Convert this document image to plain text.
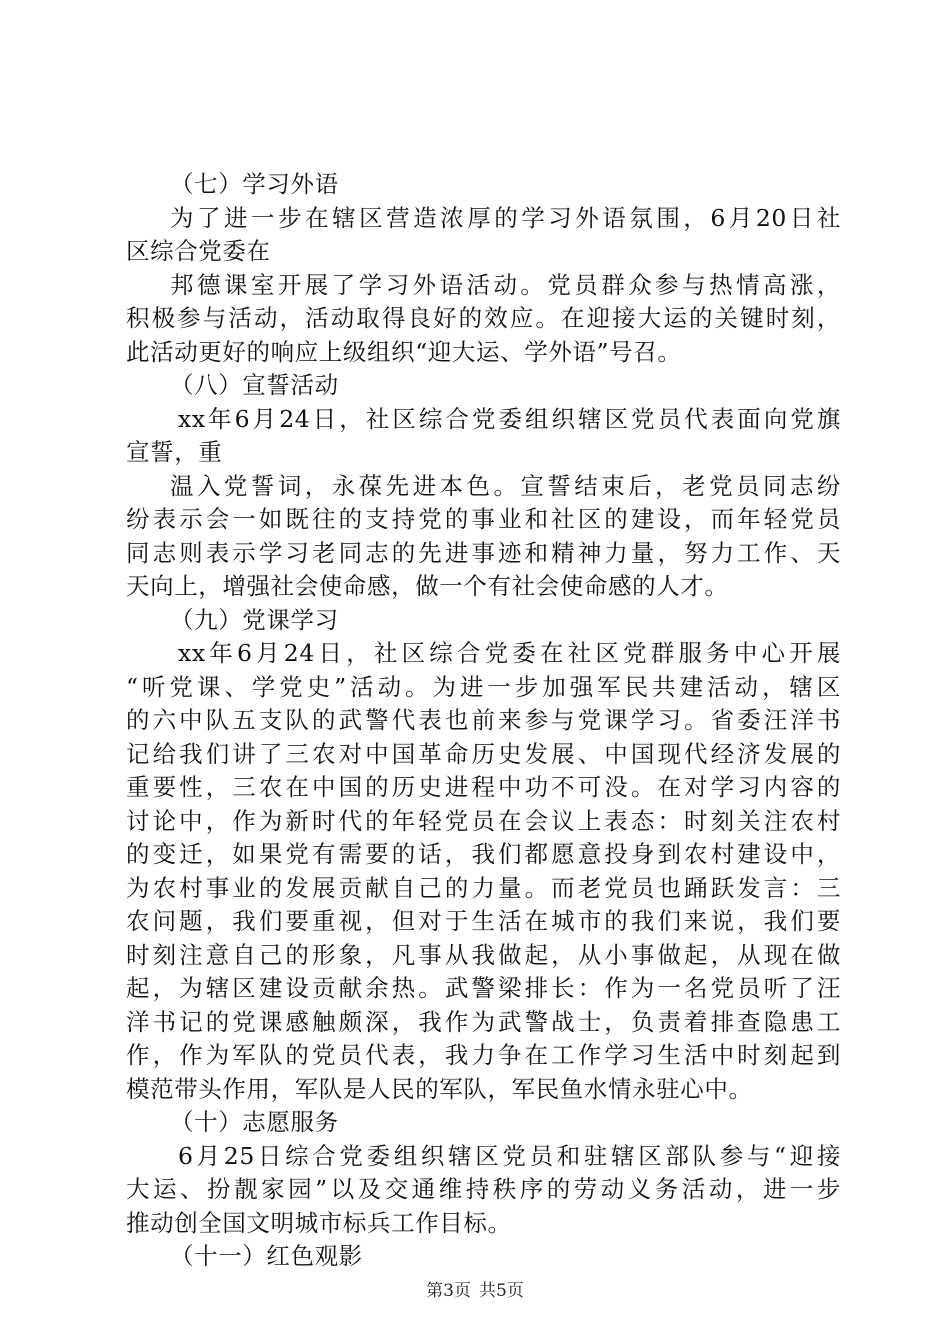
（七）学习外语
为了进一步在辖区营造浓厚的学习外语氛围，6月20日社
区综合党委在
邦德课室开展了学习外语活动。党员群众参与热情高涨，
积极参与活动，活动取得良好的效应。在迎接大运的关键时刻，
此活动更好的响应上级组织“迎大运、学外语”号召。
（八）宣誓活动
xx年6月24日，社区综合党委组织辖区党员代表面向党旗
宣誓，重
温入党誓词，永葆先进本色。宣誓结束后，老党员同志纷
纷表示会一如既往的支持党的事业和社区的建设，而年轻党员
同志则表示学习老同志的先进事迹和精神力量，努力工作、天
天向上，增强社会使命感，做一个有社会使命感的人才。
（九）党课学习
xx年6月24日，社区综合党委在社区党群服务中心开展
“听党课、学党史”活动。为进一步加强军民共建活动，辖区
的六中队五支队的武警代表也前来参与党课学习。省委汪洋书
记给我们讲了三农对中国革命历史发展、中国现代经济发展的
重要性，三农在中国的历史进程中功不可没。在对学习内容的
讨论中，作为新时代的年轻党员在会议上表态：时刻关注农村
的变迁，如果党有需要的话，我们都愿意投身到农村建设中，
为农村事业的发展贡献自己的力量。而老党员也踊跃发言：三
农问题，我们要重视，但对于生活在城市的我们来说，我们要
时刻注意自己的形象，凡事从我做起，从小事做起，从现在做
起，为辖区建设贡献余热。武警梁排长：作为一名党员听了汪
洋书记的党课感触颇深，我作为武警战士，负责着排查隐患工
作，作为军队的党员代表，我力争在工作学习生活中时刻起到
模范带头作用，军队是人民的军队，军民鱼水情永驻心中。
（十）志愿服务
6月25日综合党委组织辖区党员和驻辖区部队参与“迎接
大运、扮靓家园”以及交通维持秩序的劳动义务活动，进一步
推动创全国文明城市标兵工作目标。
（十一）红色观影
第3页 共5页
